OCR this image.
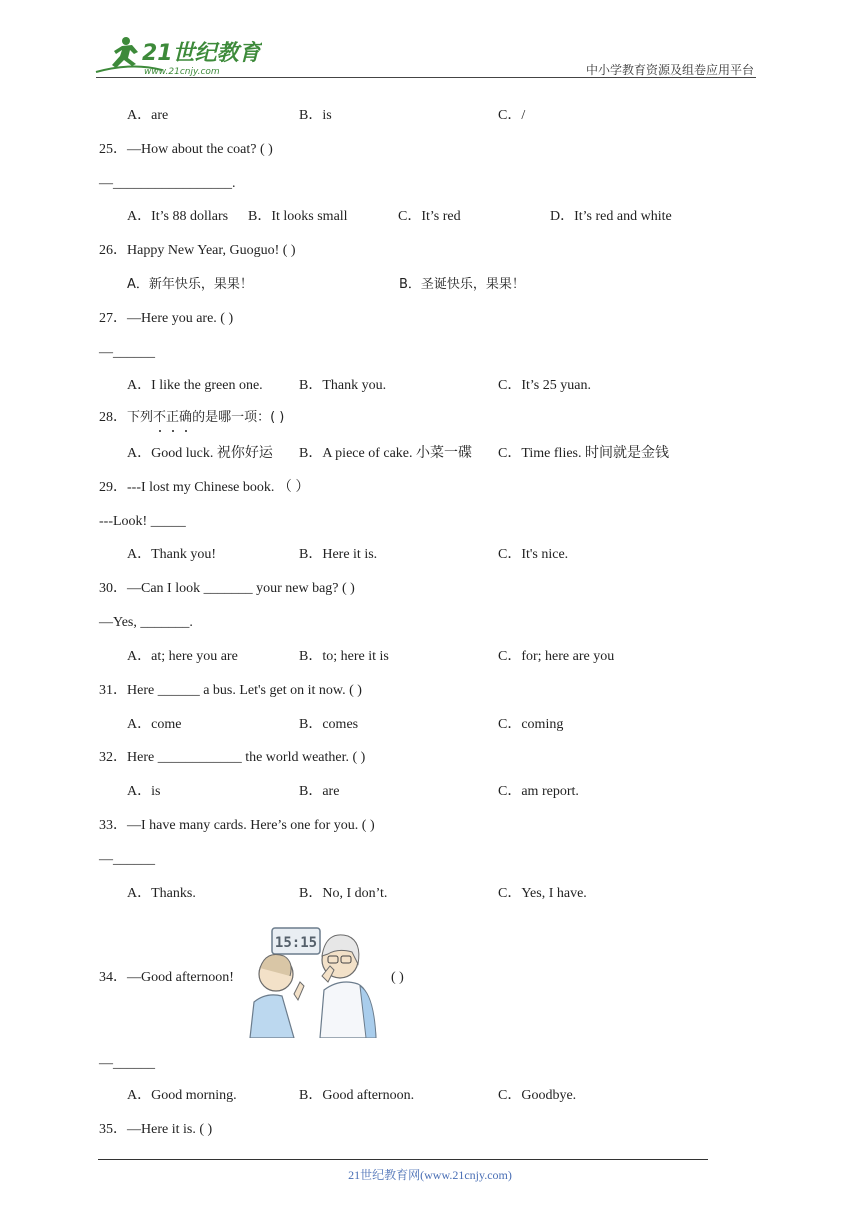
21世纪教育
www.21cnjy.com	中小学教育资源及组卷应用平台
A．are	B．is	C．/
25．—How about the coat? ( )
—_________________.
A．It’s 88 dollars B．It looks small	C．It’s red	D．It’s red and white
26．Happy New Year, Guoguo! ( )
A．新年快乐，果果！	B．圣诞快乐，果果！
27．—Here you are. ( )
—______
A．I like the green one.	B．Thank you.	C．It’s 25 yuan.
28．下列不
正
确
的是哪一项：( )
A．Good luck. 祝你好运 B．A piece of cake. 小菜一碟 C．Time flies. 时间就是金钱
29．---I lost my Chinese book. （ ）
---Look! _____
A．Thank you!	B．Here it is.	C．It's nice.
30．—Can I look _______ your new bag? ( )
—Yes, _______.
A．at; here you are	B．to; here it is	C．for; here are you
31．Here ______ a bus. Let's get on it now. ( )
A．come	B．comes	C．coming
32．Here ____________ the world weather. ( )
A．is	B．are	C．am report.
33．—I have many cards. Here’s one for you. ( )
—______
A．Thanks.	B．No, I don’t.	C．Yes, I have.
34．—Good afternoon!
15:15
( )
—______
A．Good morning.	B．Good afternoon.	C．Goodbye.
35．—Here it is. ( )
21世纪教育网(www.21cnjy.com)
